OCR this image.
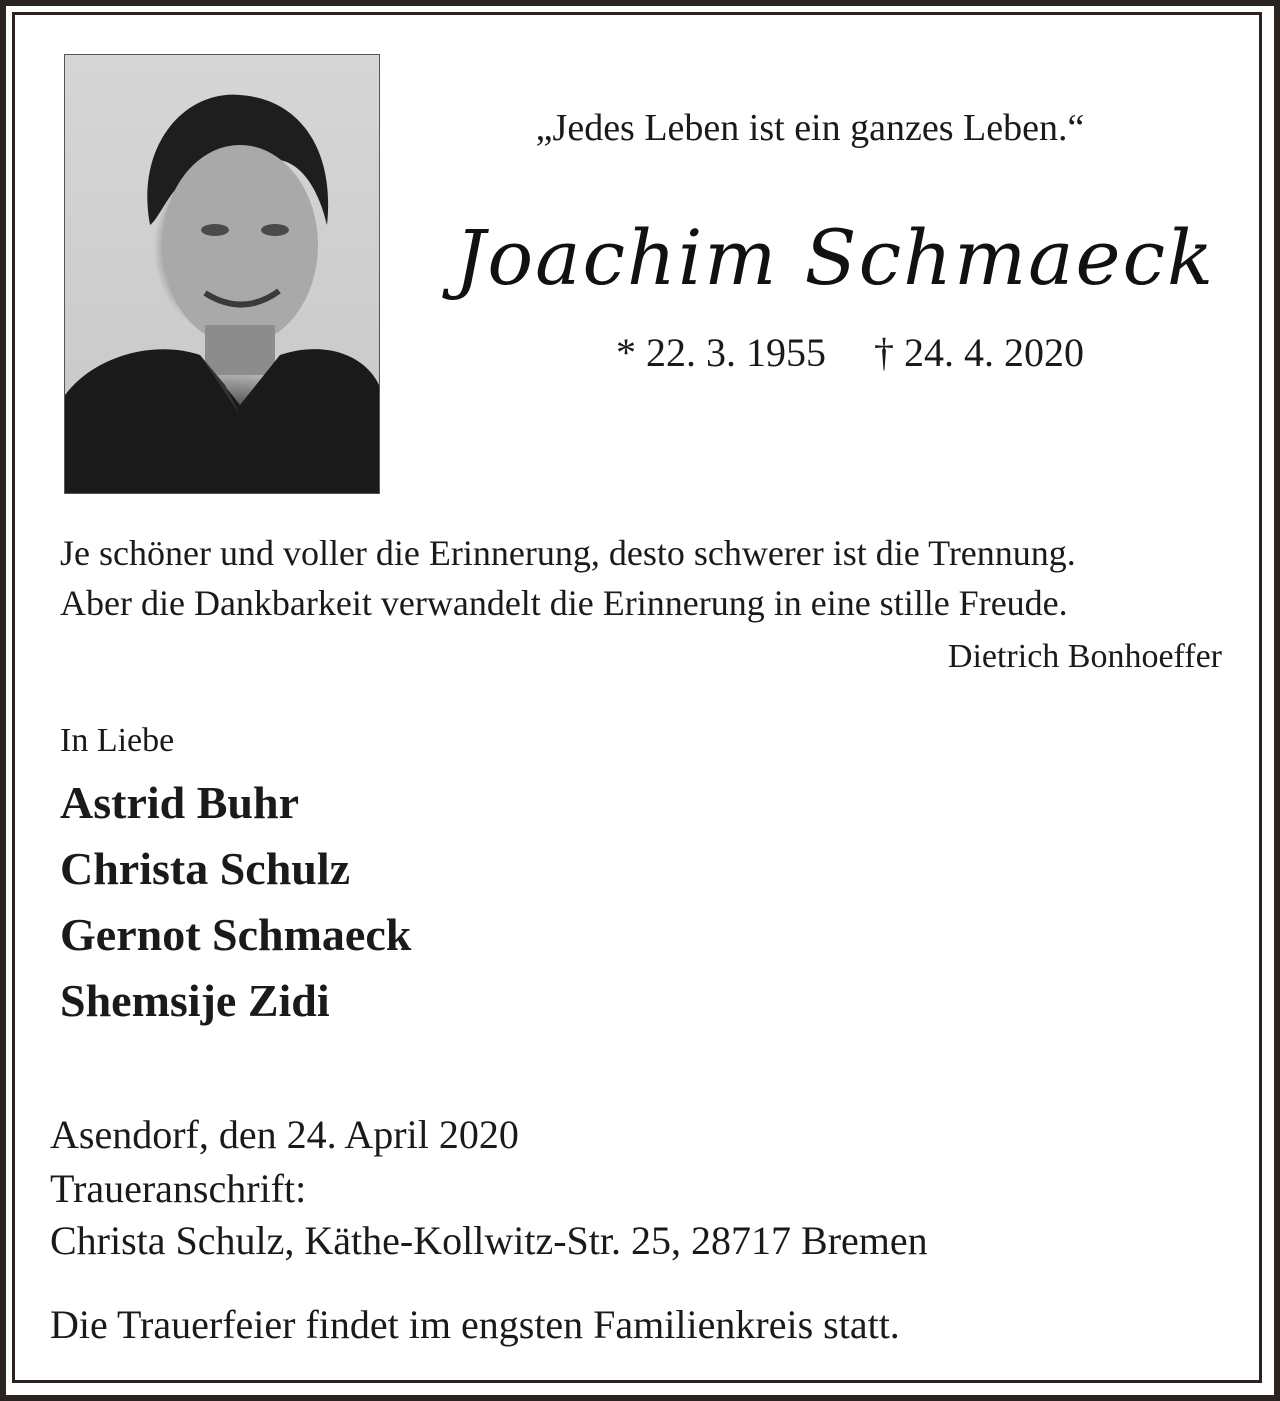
„Jedes Leben ist ein ganzes Leben.“
Joachim Schmaeck
* 22. 3. 1955 † 24. 4. 2020
Je schöner und voller die Erinnerung, desto schwerer ist die Trennung.
Aber die Dankbarkeit verwandelt die Erinnerung in eine stille Freude.
Dietrich Bonhoeffer
In Liebe
Astrid Buhr
Christa Schulz
Gernot Schmaeck
Shemsije Zidi
Asendorf, den 24. April 2020
Traueranschrift:
Christa Schulz, Käthe-Kollwitz-Str. 25, 28717 Bremen
Die Trauerfeier findet im engsten Familienkreis statt.
